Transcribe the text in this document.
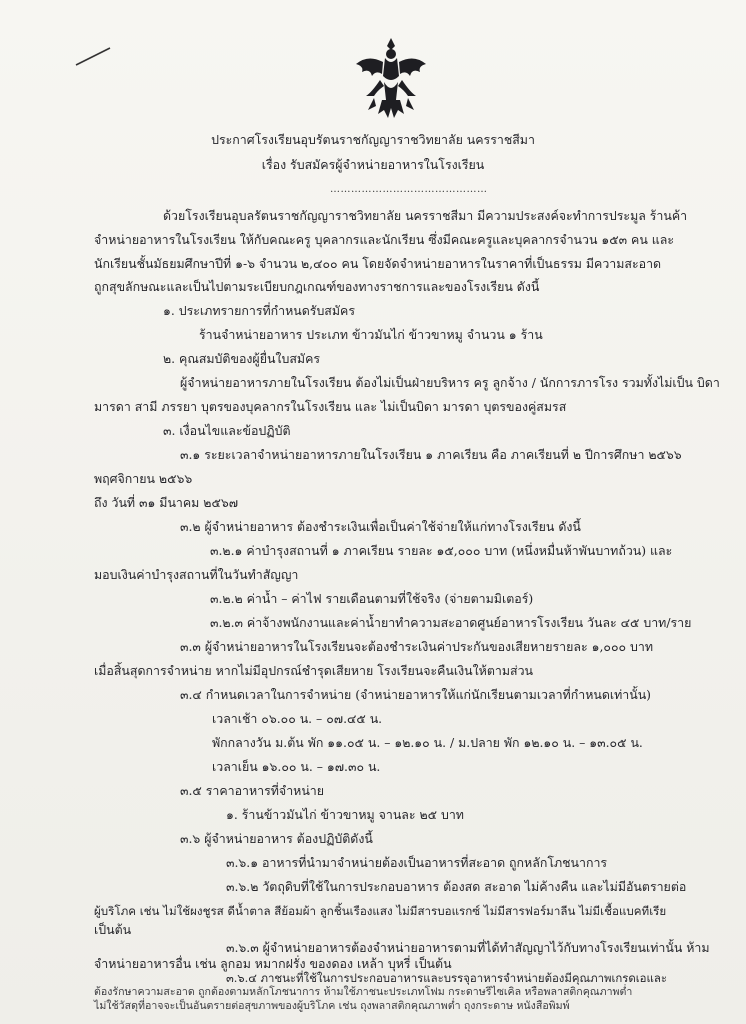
ประกาศโรงเรียนอุบรัตนราชกัญญาราชวิทยาลัย นครราชสีมา
เรื่อง รับสมัครผู้จำหน่ายอาหารในโรงเรียน
………………………………………
ด้วยโรงเรียนอุบลรัตนราชกัญญาราชวิทยาลัย นครราชสีมา มีความประสงค์จะทำการประมูล ร้านค้า
จำหน่ายอาหารในโรงเรียน ให้กับคณะครู บุคลากรและนักเรียน ซึ่งมีคณะครูและบุคลากรจำนวน ๑๕๓ คน และ
นักเรียนชั้นมัธยมศึกษาปีที่ ๑-๖ จำนวน ๒,๔๐๐ คน โดยจัดจำหน่ายอาหารในราคาที่เป็นธรรม มีความสะอาด
ถูกสุขลักษณะและเป็นไปตามระเบียบกฎเกณฑ์ของทางราชการและของโรงเรียน ดังนี้
๑. ประเภทรายการที่กำหนดรับสมัคร
ร้านจำหน่ายอาหาร ประเภท ข้าวมันไก่ ข้าวขาหมู จำนวน ๑ ร้าน
๒. คุณสมบัติของผู้ยื่นใบสมัคร
ผู้จำหน่ายอาหารภายในโรงเรียน ต้องไม่เป็นฝ่ายบริหาร ครู ลูกจ้าง / นักการภารโรง รวมทั้งไม่เป็น บิดา
มารดา สามี ภรรยา บุตรของบุคลากรในโรงเรียน และ ไม่เป็นบิดา มารดา บุตรของคู่สมรส
๓. เงื่อนไขและข้อปฏิบัติ
๓.๑ ระยะเวลาจำหน่ายอาหารภายในโรงเรียน ๑ ภาคเรียน คือ ภาคเรียนที่ ๒ ปีการศึกษา ๒๕๖๖
พฤศจิกายน ๒๕๖๖
ถึง วันที่ ๓๑ มีนาคม ๒๕๖๗
๓.๒ ผู้จำหน่ายอาหาร ต้องชำระเงินเพื่อเป็นค่าใช้จ่ายให้แก่ทางโรงเรียน ดังนี้
๓.๒.๑ ค่าบำรุงสถานที่ ๑ ภาคเรียน รายละ ๑๕,๐๐๐ บาท (หนึ่งหมื่นห้าพันบาทถ้วน) และ
มอบเงินค่าบำรุงสถานที่ในวันทำสัญญา
๓.๒.๒ ค่าน้ำ – ค่าไฟ รายเดือนตามที่ใช้จริง (จ่ายตามมิเตอร์)
๓.๒.๓ ค่าจ้างพนักงานและค่าน้ำยาทำความสะอาดศูนย์อาหารโรงเรียน วันละ ๔๕ บาท/ราย
๓.๓ ผู้จำหน่ายอาหารในโรงเรียนจะต้องชำระเงินค่าประกันของเสียหายรายละ ๑,๐๐๐ บาท
เมื่อสิ้นสุดการจำหน่าย หากไม่มีอุปกรณ์ชำรุดเสียหาย โรงเรียนจะคืนเงินให้ตามส่วน
๓.๔ กำหนดเวลาในการจำหน่าย (จำหน่ายอาหารให้แก่นักเรียนตามเวลาที่กำหนดเท่านั้น)
เวลาเช้า ๐๖.๐๐ น. – ๐๗.๔๕ น.
พักกลางวัน ม.ต้น พัก ๑๑.๐๕ น. – ๑๒.๑๐ น. / ม.ปลาย พัก ๑๒.๑๐ น. – ๑๓.๐๕ น.
เวลาเย็น ๑๖.๐๐ น. – ๑๗.๓๐ น.
๓.๕ ราคาอาหารที่จำหน่าย
๑. ร้านข้าวมันไก่ ข้าวขาหมู จานละ ๒๕ บาท
๓.๖ ผู้จำหน่ายอาหาร ต้องปฏิบัติดังนี้
๓.๖.๑ อาหารที่นำมาจำหน่ายต้องเป็นอาหารที่สะอาด ถูกหลักโภชนาการ
๓.๖.๒ วัตถุดิบที่ใช้ในการประกอบอาหาร ต้องสด สะอาด ไม่ค้างคืน และไม่มีอันตรายต่อ
ผู้บริโภค เช่น ไม่ใช้ผงชูรส ดีน้ำตาล สีย้อมผ้า ลูกชิ้นเรืองแสง ไม่มีสารบอแรกซ์ ไม่มีสารฟอร์มาลีน ไม่มีเชื้อแบคทีเรีย
เป็นต้น
๓.๖.๓ ผู้จำหน่ายอาหารต้องจำหน่ายอาหารตามที่ได้ทำสัญญาไว้กับทางโรงเรียนเท่านั้น ห้าม
จำหน่ายอาหารอื่น เช่น ลูกอม หมากฝรั่ง ของดอง เหล้า บุหรี่ เป็นต้น
๓.๖.๔ ภาชนะที่ใช้ในการประกอบอาหารและบรรจุอาหารจำหน่ายต้องมีคุณภาพเกรดเอและ
ต้องรักษาความสะอาด ถูกต้องตามหลักโภชนาการ ห้ามใช้ภาชนะประเภทโฟม กระดาษรีไซเคิล หรือพลาสติกคุณภาพต่ำ
ไม่ใช้วัสดุที่อาจจะเป็นอันตรายต่อสุขภาพของผู้บริโภค เช่น ถุงพลาสติกคุณภาพต่ำ ถุงกระดาษ หนังสือพิมพ์
